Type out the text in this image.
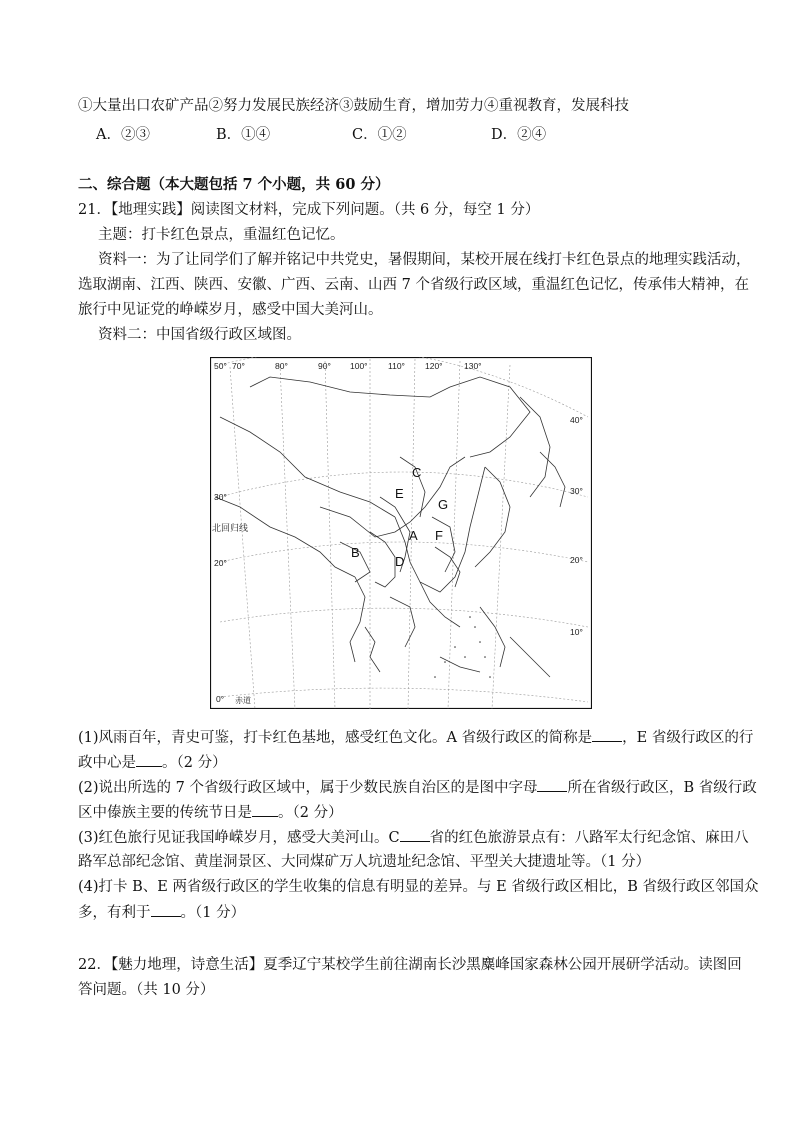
①大量出口农矿产品②努力发展民族经济③鼓励生育，增加劳力④重视教育，发展科技
A．②③	B．①④	C．①②	D．②④
二、综合题（本大题包括 7 个小题，共 60 分）
21．【地理实践】阅读图文材料，完成下列问题。（共 6 分，每空 1 分）
主题：打卡红色景点，重温红色记忆。
资料一：为了让同学们了解并铭记中共党史，暑假期间，某校开展在线打卡红色景点的地理实践活动，
选取湖南、江西、陕西、安徽、广西、云南、山西 7 个省级行政区域，重温红色记忆，传承伟大精神，在
旅行中见证党的峥嵘岁月，感受中国大美河山。
资料二：中国省级行政区域图。
70°	80°	90° 100° 110° 120°	130°
50°
30°
20°
0°
40°
30°
20°
10°
北回归线
赤道
A
B
C
D
E
F
G
(1)风雨百年，青史可鉴，打卡红色基地，感受红色文化。A 省级行政区的简称是 ，E 省级行政区的行
政中心是 。（2 分）
(2)说出所选的 7 个省级行政区域中，属于少数民族自治区的是图中字母 所在省级行政区，B 省级行政
区中傣族主要的传统节日是 。（2 分）
(3)红色旅行见证我国峥嵘岁月，感受大美河山。C 省的红色旅游景点有：八路军太行纪念馆、麻田八
路军总部纪念馆、黄崖洞景区、大同煤矿万人坑遗址纪念馆、平型关大捷遗址等。（1 分）
(4)打卡 B、E 两省级行政区的学生收集的信息有明显的差异。与 E 省级行政区相比，B 省级行政区邻国众
多，有利于 。（1 分）
22．【魅力地理，诗意生活】夏季辽宁某校学生前往湖南长沙黑麋峰国家森林公园开展研学活动。读图回
答问题。（共 10 分）
